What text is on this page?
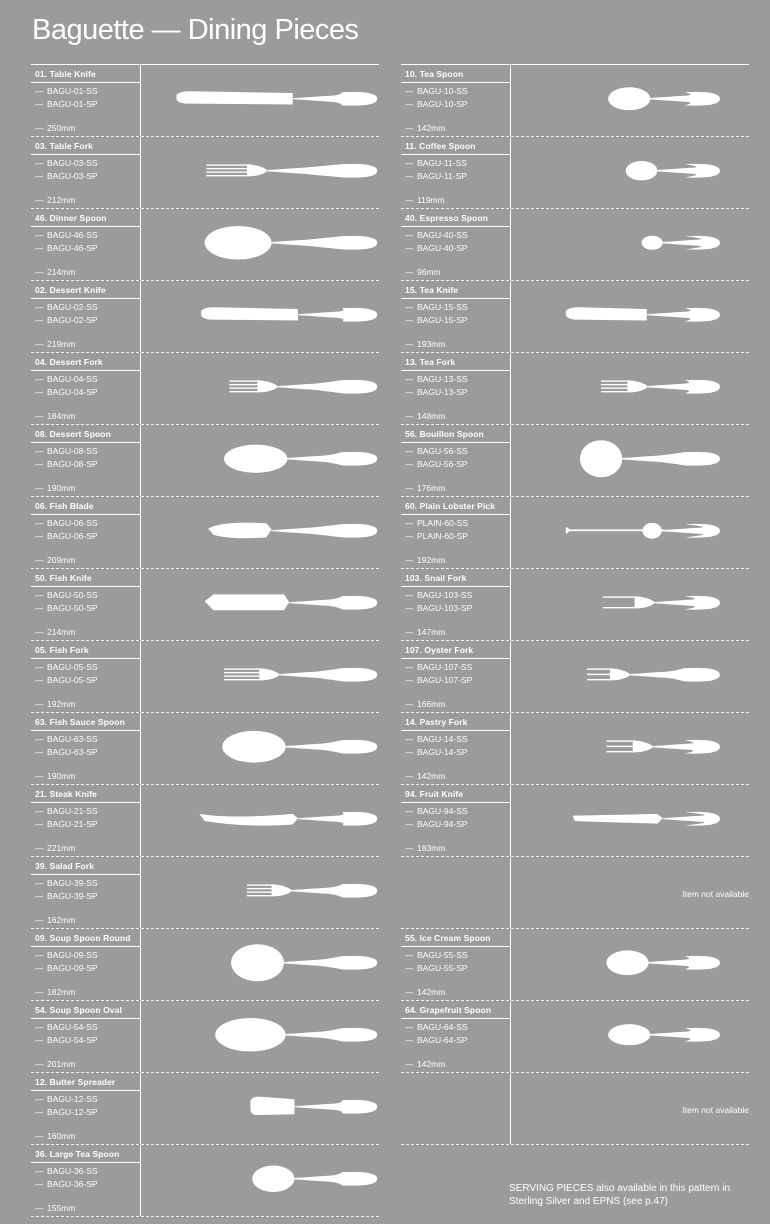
Baguette — Dining Pieces
01. Table Knife
— BAGU-01-SS
— BAGU-01-SP
— 250mm
03. Table Fork
— BAGU-03-SS
— BAGU-03-SP
— 212mm
46. Dinner Spoon
— BAGU-46-SS
— BAGU-46-SP
— 214mm
02. Dessert Knife
— BAGU-02-SS
— BAGU-02-SP
— 219mm
04. Dessert Fork
— BAGU-04-SS
— BAGU-04-SP
— 184mm
08. Dessert Spoon
— BAGU-08-SS
— BAGU-08-SP
— 190mm
06. Fish Blade
— BAGU-06-SS
— BAGU-06-SP
— 209mm
50. Fish Knife
— BAGU-50-SS
— BAGU-50-SP
— 214mm
05. Fish Fork
— BAGU-05-SS
— BAGU-05-SP
— 192mm
63. Fish Sauce Spoon
— BAGU-63-SS
— BAGU-63-SP
— 190mm
21. Steak Knife
— BAGU-21-SS
— BAGU-21-SP
— 221mm
39. Salad Fork
— BAGU-39-SS
— BAGU-39-SP
— 162mm
09. Soup Spoon Round
— BAGU-09-SS
— BAGU-09-SP
— 182mm
54. Soup Spoon Oval
— BAGU-54-SS
— BAGU-54-SP
— 201mm
12. Butter Spreader
— BAGU-12-SS
— BAGU-12-SP
— 160mm
36. Large Tea Spoon
— BAGU-36-SS
— BAGU-36-SP
— 155mm
10. Tea Spoon
— BAGU-10-SS
— BAGU-10-SP
— 142mm
11. Coffee Spoon
— BAGU-11-SS
— BAGU-11-SP
— 119mm
40. Espresso Spoon
— BAGU-40-SS
— BAGU-40-SP
— 96mm
15. Tea Knife
— BAGU-15-SS
— BAGU-15-SP
— 193mm
13. Tea Fork
— BAGU-13-SS
— BAGU-13-SP
— 148mm
56. Bouillon Spoon
— BAGU-56-SS
— BAGU-56-SP
— 176mm
60. Plain Lobster Pick
— PLAIN-60-SS
— PLAIN-60-SP
— 192mm
103. Snail Fork
— BAGU-103-SS
— BAGU-103-SP
— 147mm
107. Oyster Fork
— BAGU-107-SS
— BAGU-107-SP
— 166mm
14. Pastry Fork
— BAGU-14-SS
— BAGU-14-SP
— 142mm
94. Fruit Knife
— BAGU-94-SS
— BAGU-94-SP
— 183mm
Item not available
55. Ice Cream Spoon
— BAGU-55-SS
— BAGU-55-SP
— 142mm
64. Grapefruit Spoon
— BAGU-64-SS
— BAGU-64-SP
— 142mm
Item not available
SERVING PIECES also available in this pattern in Sterling Silver and EPNS (see p.47)
